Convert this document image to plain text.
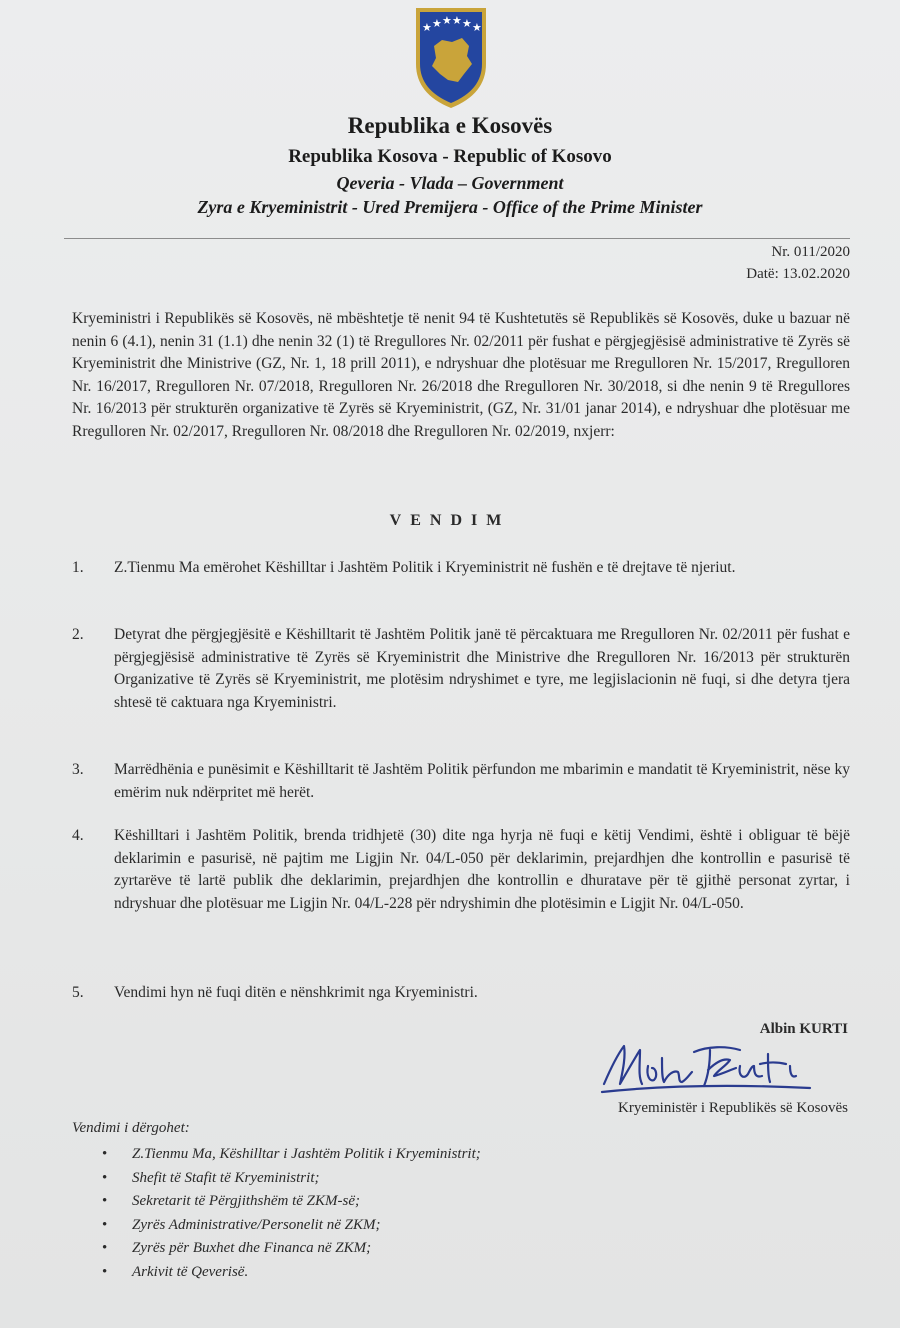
★ ★ ★ ★ ★ ★
Republika e Kosovës
Republika Kosova - Republic of Kosovo
Qeveria - Vlada – Government
Zyra e Kryeministrit - Ured Premijera - Office of the Prime Minister
Nr. 011/2020
Datë: 13.02.2020
Kryeministri i Republikës së Kosovës, në mbështetje të nenit 94 të Kushtetutës së Republikës së Kosovës, duke u bazuar në nenin 6 (4.1), nenin 31 (1.1) dhe nenin 32 (1) të Rregullores Nr. 02/2011 për fushat e përgjegjësisë administrative të Zyrës së Kryeministrit dhe Ministrive (GZ, Nr. 1, 18 prill 2011), e ndryshuar dhe plotësuar me Rregulloren Nr. 15/2017, Rregulloren Nr. 16/2017, Rregulloren Nr. 07/2018, Rregulloren Nr. 26/2018 dhe Rregulloren Nr. 30/2018, si dhe nenin 9 të Rregullores Nr. 16/2013 për strukturën organizative të Zyrës së Kryeministrit, (GZ, Nr. 31/01 janar 2014), e ndryshuar dhe plotësuar me Rregulloren Nr. 02/2017, Rregulloren Nr. 08/2018 dhe Rregulloren Nr. 02/2019, nxjerr:
VENDIM
1. Z.Tienmu Ma emërohet Këshilltar i Jashtëm Politik i Kryeministrit në fushën e të drejtave të njeriut.
2. Detyrat dhe përgjegjësitë e Këshilltarit të Jashtëm Politik janë të përcaktuara me Rregulloren Nr. 02/2011 për fushat e përgjegjësisë administrative të Zyrës së Kryeministrit dhe Ministrive dhe Rregulloren Nr. 16/2013 për strukturën Organizative të Zyrës së Kryeministrit, me plotësim ndryshimet e tyre, me legjislacionin në fuqi, si dhe detyra tjera shtesë të caktuara nga Kryeministri.
3. Marrëdhënia e punësimit e Këshilltarit të Jashtëm Politik përfundon me mbarimin e mandatit të Kryeministrit, nëse ky emërim nuk ndërpritet më herët.
4. Këshilltari i Jashtëm Politik, brenda tridhjetë (30) dite nga hyrja në fuqi e këtij Vendimi, është i obliguar të bëjë deklarimin e pasurisë, në pajtim me Ligjin Nr. 04/L-050 për deklarimin, prejardhjen dhe kontrollin e pasurisë të zyrtarëve të lartë publik dhe deklarimin, prejardhjen dhe kontrollin e dhuratave për të gjithë personat zyrtar, i ndryshuar dhe plotësuar me Ligjin Nr. 04/L-228 për ndryshimin dhe plotësimin e Ligjit Nr. 04/L-050.
5. Vendimi hyn në fuqi ditën e nënshkrimit nga Kryeministri.
Albin KURTI
Kryeministër i Republikës së Kosovës
Vendimi i dërgohet:
• Z.Tienmu Ma, Këshilltar i Jashtëm Politik i Kryeministrit;
• Shefit të Stafit të Kryeministrit;
• Sekretarit të Përgjithshëm të ZKM-së;
• Zyrës Administrative/Personelit në ZKM;
• Zyrës për Buxhet dhe Financa në ZKM;
• Arkivit të Qeverisë.
